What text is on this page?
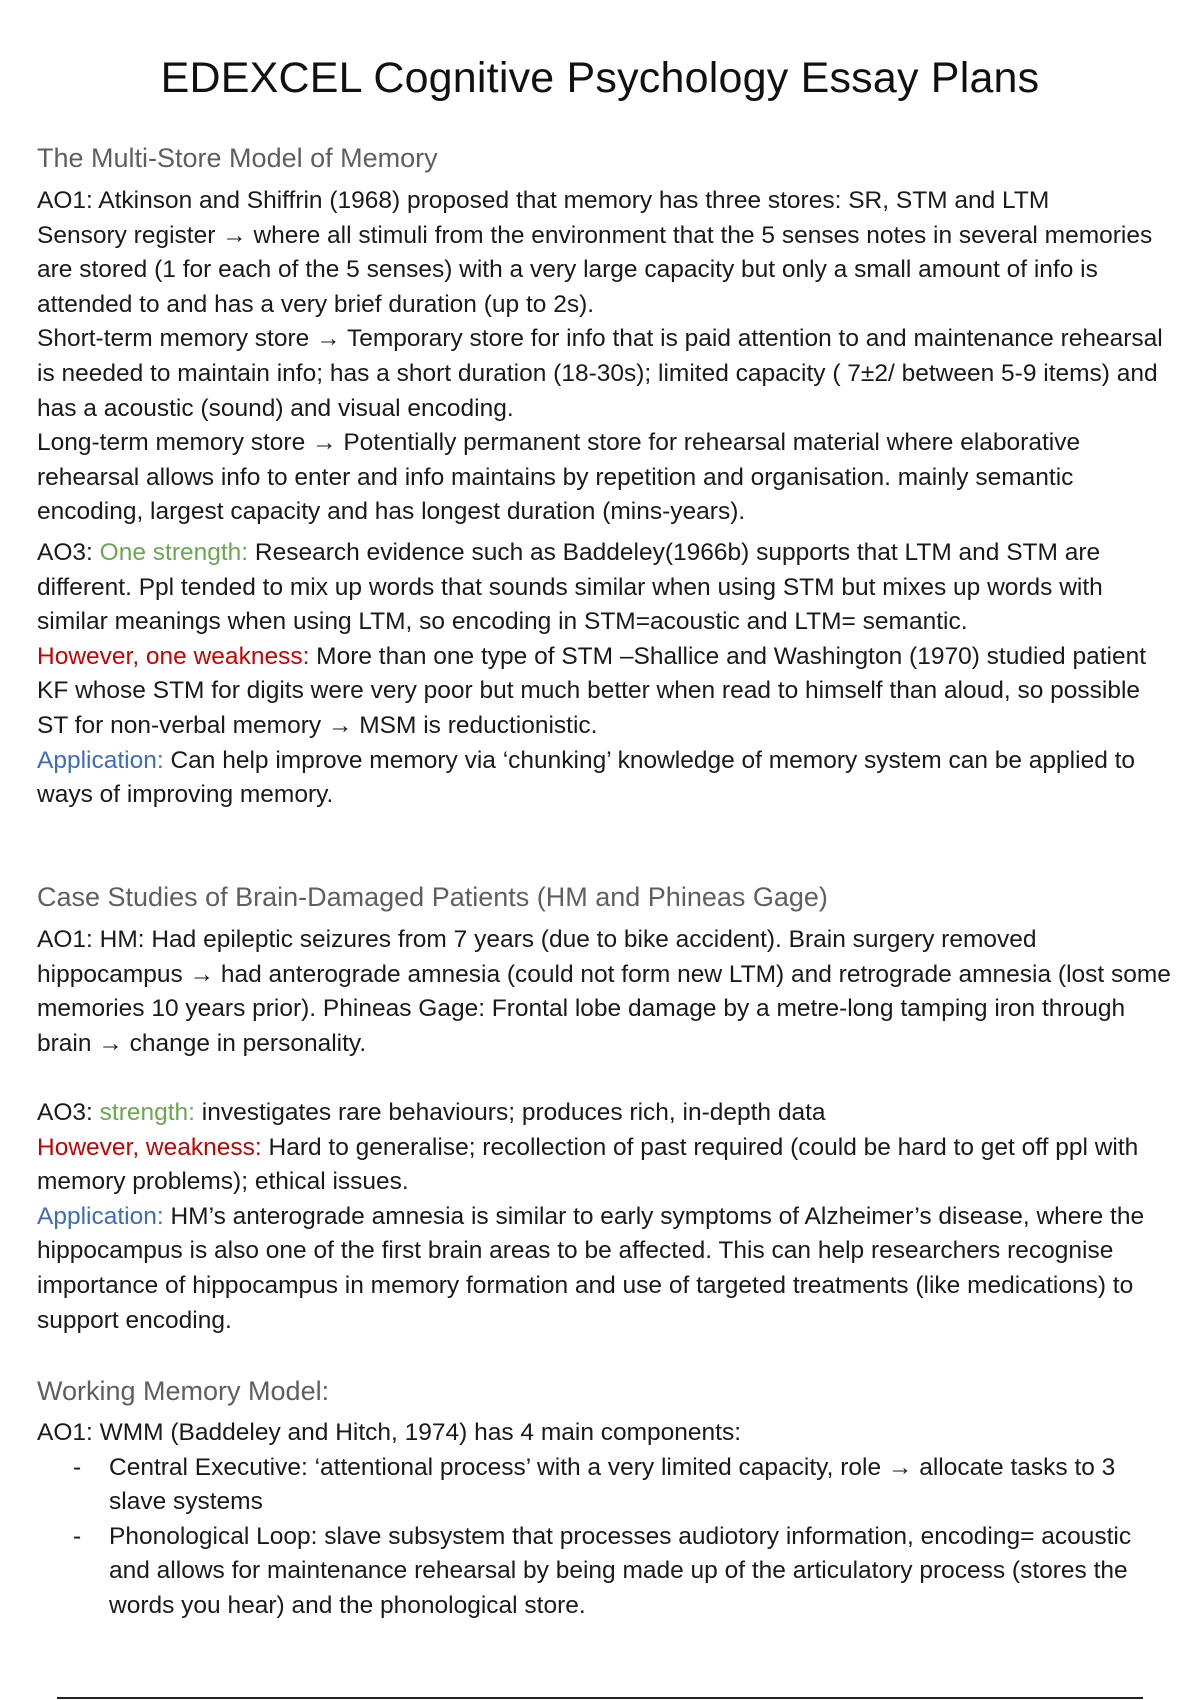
EDEXCEL Cognitive Psychology Essay Plans
The Multi-Store Model of Memory

AO1: Atkinson and Shiffrin (1968) proposed that memory has three stores: SR, STM and LTM

Sensory register → where all stimuli from the environment that the 5 senses notes in several memories are stored (1 for each of the 5 senses) with a very large capacity but only a small amount of info is attended to and has a very brief duration (up to 2s).

Short-term memory store → Temporary store for info that is paid attention to and maintenance rehearsal is needed to maintain info; has a short duration (18-30s); limited capacity ( 7±2/ between 5-9 items) and has a acoustic (sound) and visual encoding.

Long-term memory store → Potentially permanent store for rehearsal material where elaborative rehearsal allows info to enter and info maintains by repetition and organisation. mainly semantic encoding, largest capacity and has longest duration (mins-years).

AO3: One strength: Research evidence such as Baddeley(1966b) supports that LTM and STM are different. Ppl tended to mix up words that sounds similar when using STM but mixes up words with similar meanings when using LTM, so encoding in STM=acoustic and LTM= semantic.

However, one weakness: More than one type of STM –Shallice and Washington (1970) studied patient KF whose STM for digits were very poor but much better when read to himself than aloud, so possible ST for non-verbal memory → MSM is reductionistic.

Application: Can help improve memory via ‘chunking’ knowledge of memory system can be applied to ways of improving memory.

Case Studies of Brain-Damaged Patients (HM and Phineas Gage)

AO1: HM: Had epileptic seizures from 7 years (due to bike accident). Brain surgery removed hippocampus → had anterograde amnesia (could not form new LTM) and retrograde amnesia (lost some memories 10 years prior). Phineas Gage: Frontal lobe damage by a metre-long tamping iron through brain → change in personality.

AO3: strength: investigates rare behaviours; produces rich, in-depth data

However, weakness: Hard to generalise; recollection of past required (could be hard to get off ppl with memory problems); ethical issues.

Application: HM’s anterograde amnesia is similar to early symptoms of Alzheimer’s disease, where the hippocampus is also one of the first brain areas to be affected. This can help researchers recognise importance of hippocampus in memory formation and use of targeted treatments (like medications) to support encoding.

Working Memory Model:

AO1: WMM (Baddeley and Hitch, 1974) has 4 main components:

- Central Executive: ‘attentional process’ with a very limited capacity, role → allocate tasks to 3 slave systems
- Phonological Loop: slave subsystem that processes audiotory information, encoding= acoustic and allows for maintenance rehearsal by being made up of the articulatory process (stores the words you hear) and the phonological store.
